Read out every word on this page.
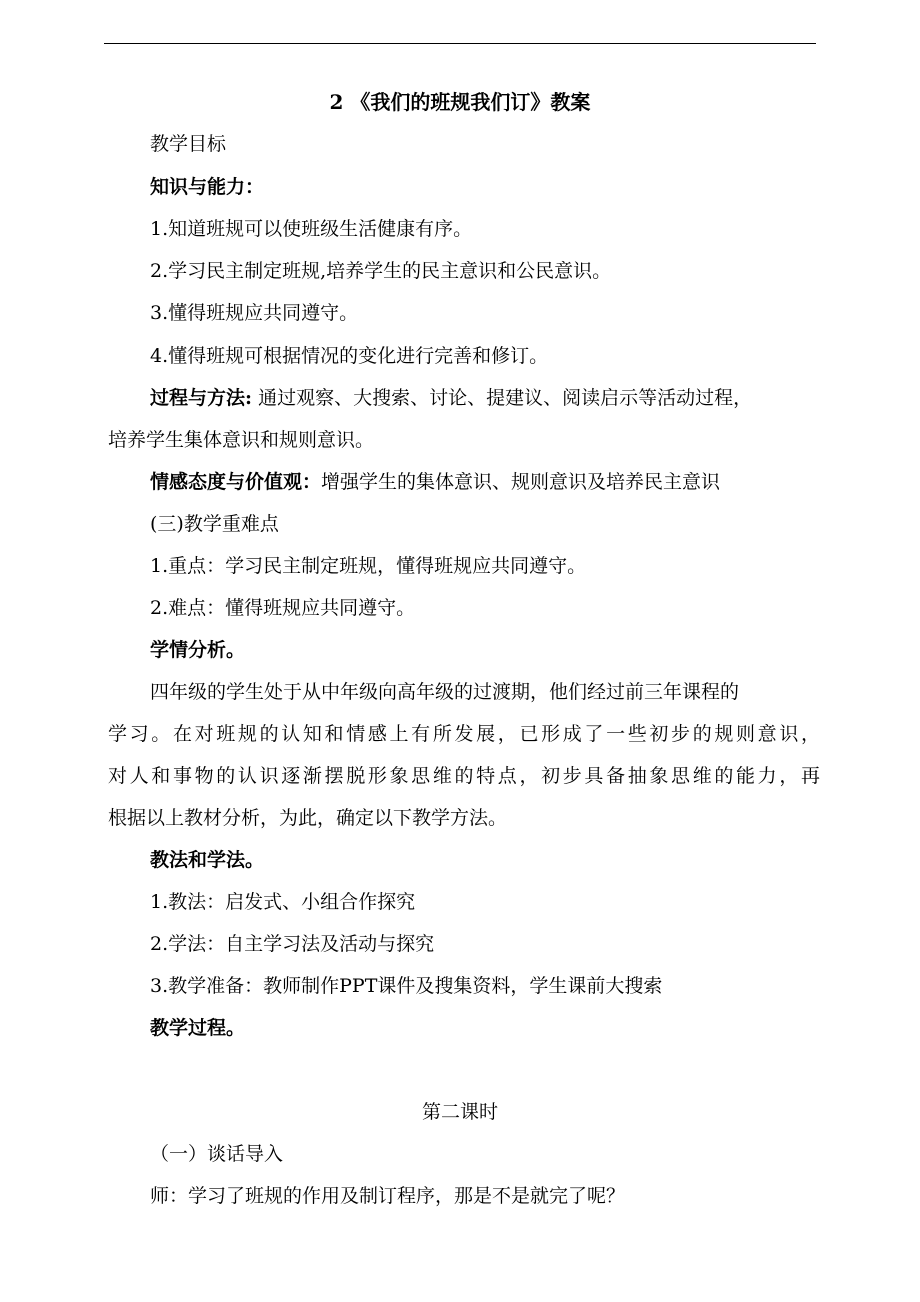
2 《我们的班规我们订》教案
教学目标
知识与能力：
1.知道班规可以使班级生活健康有序。
2.学习民主制定班规,培养学生的民主意识和公民意识。
3.懂得班规应共同遵守。
4.懂得班规可根据情况的变化进行完善和修订。
过程与方法: 通过观察、大搜索、讨论、提建议、阅读启示等活动过程，
培养学生集体意识和规则意识。
情感态度与价值观：增强学生的集体意识、规则意识及培养民主意识
(三)教学重难点
1.重点：学习民主制定班规，懂得班规应共同遵守。
2.难点：懂得班规应共同遵守。
学情分析。
四年级的学生处于从中年级向高年级的过渡期，他们经过前三年课程的
学习。在对班规的认知和情感上有所发展，已形成了一些初步的规则意识，
对人和事物的认识逐渐摆脱形象思维的特点，初步具备抽象思维的能力，再
根据以上教材分析，为此，确定以下教学方法。
教法和学法。
1.教法：启发式、小组合作探究
2.学法：自主学习法及活动与探究
3.教学准备：教师制作PPT课件及搜集资料，学生课前大搜索
教学过程。
第二课时
（一）谈话导入
师：学习了班规的作用及制订程序，那是不是就完了呢？
